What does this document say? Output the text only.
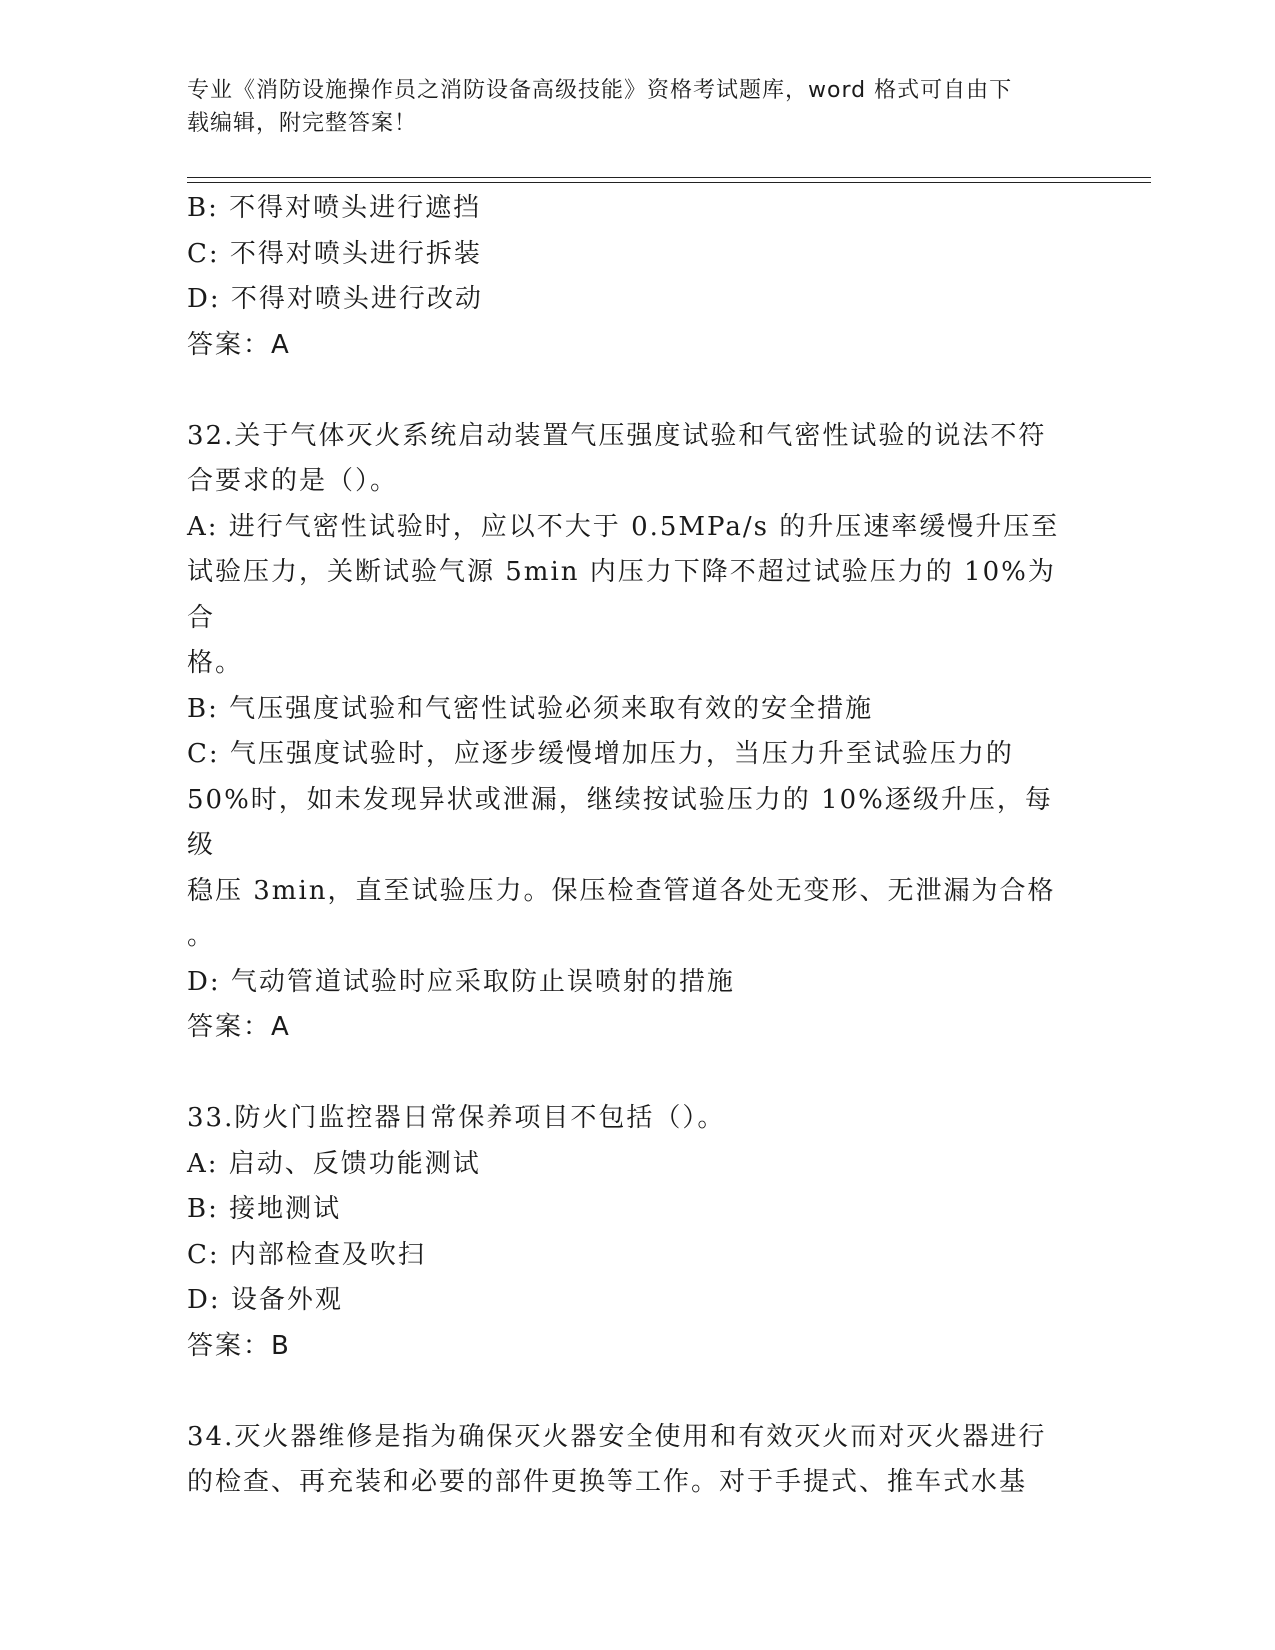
专业《消防设施操作员之消防设备高级技能》资格考试题库，word 格式可自由下

载编辑，附完整答案！

B: 不得对喷头进行遮挡

C: 不得对喷头进行拆装

D: 不得对喷头进行改动

答案：A

32.关于气体灭火系统启动装置气压强度试验和气密性试验的说法不符

合要求的是（）。

A: 进行气密性试验时，应以不大于 0.5MPa/s 的升压速率缓慢升压至

试验压力，关断试验气源 5min 内压力下降不超过试验压力的 10%为合

格。

B: 气压强度试验和气密性试验必须来取有效的安全措施

C: 气压强度试验时，应逐步缓慢增加压力，当压力升至试验压力的

50%时，如未发现异状或泄漏，继续按试验压力的 10%逐级升压，每级

稳压 3min，直至试验压力。保压检查管道各处无变形、无泄漏为合格

。

D: 气动管道试验时应采取防止误喷射的措施

答案：A

33.防火门监控器日常保养项目不包括（）。

A: 启动、反馈功能测试

B: 接地测试

C: 内部检查及吹扫

D: 设备外观

答案：B

34.灭火器维修是指为确保灭火器安全使用和有效灭火而对灭火器进行

的检查、再充装和必要的部件更换等工作。对于手提式、推车式水基
